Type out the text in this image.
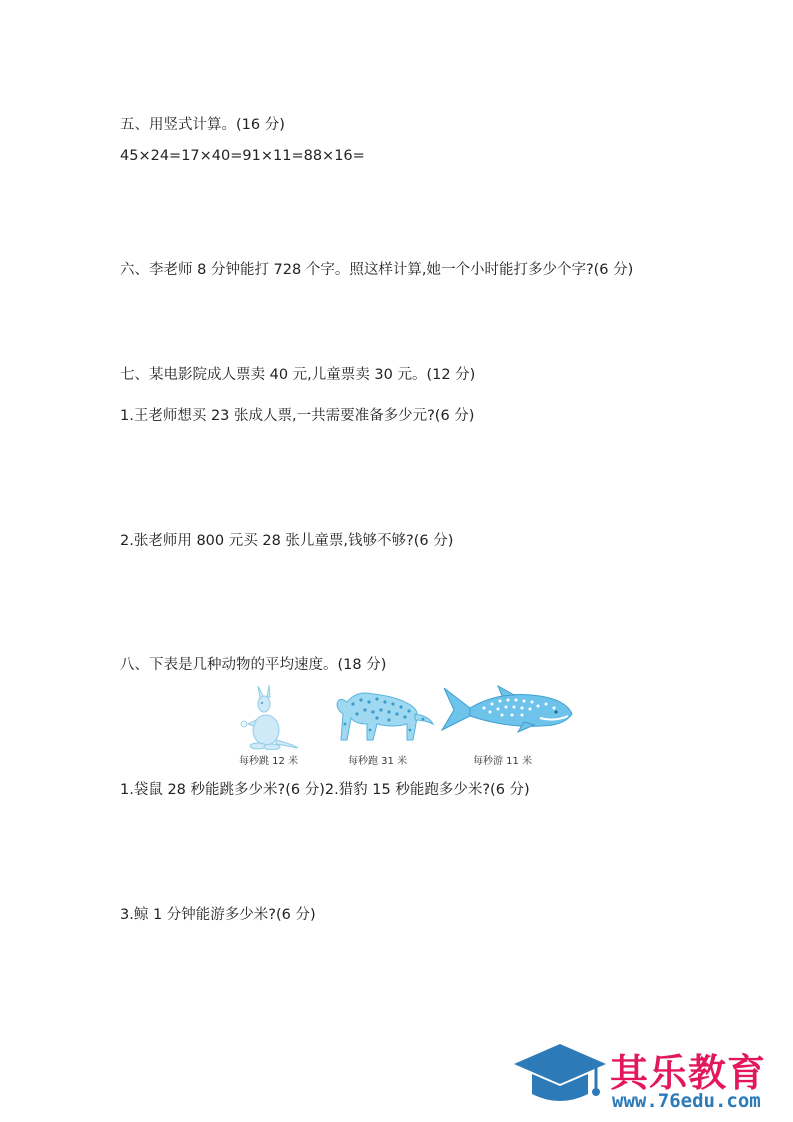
五、用竖式计算。(16 分)
45×24=17×40=91×11=88×16=
六、李老师 8 分钟能打 728 个字。照这样计算,她一个小时能打多少个字?(6 分)
七、某电影院成人票卖 40 元,儿童票卖 30 元。(12 分)
1.王老师想买 23 张成人票,一共需要准备多少元?(6 分)
2.张老师用 800 元买 28 张儿童票,钱够不够?(6 分)
八、下表是几种动物的平均速度。(18 分)
每秒跳 12 米	每秒跑 31 米	每秒游 11 米
1.袋鼠 28 秒能跳多少米?(6 分)2.猎豹 15 秒能跑多少米?(6 分)
3.鲸 1 分钟能游多少米?(6 分)
其乐教育
www.76edu.com
